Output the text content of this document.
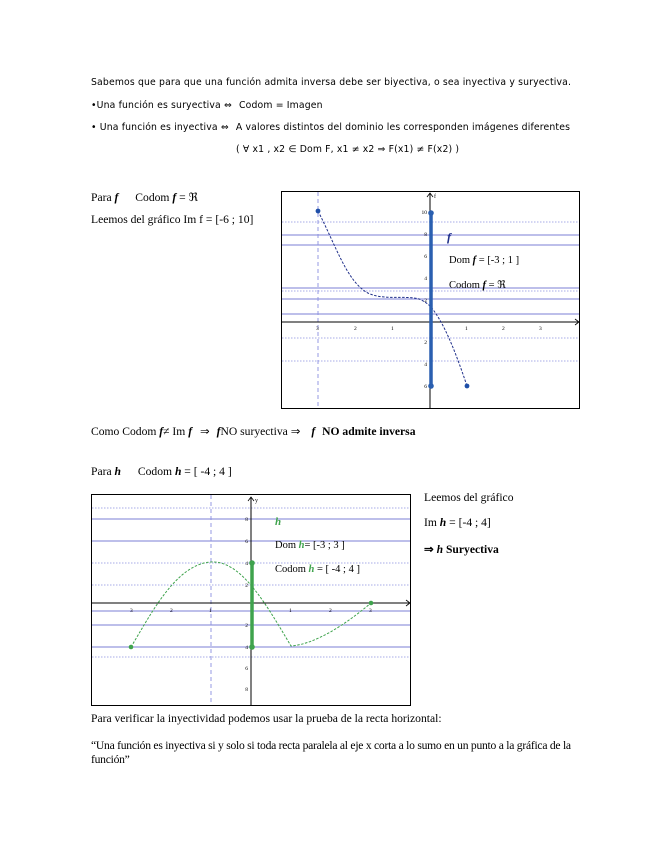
Sabemos que para que una función admita inversa debe ser biyectiva, o sea inyectiva y suryectiva.
•Una función es suryectiva ⇔ Codom = Imagen
• Una función es inyectiva ⇔ A valores distintos del dominio les corresponden imágenes diferentes
( ∀ x1 , x2 ∈ Dom F, x1 ≠ x2 ⇒ F(x1) ≠ F(x2) )
Para f Codom f = ℜ
Leemos del gráfico Im f = [-6 ; 10]
f
3	2	1	1	2	3
10
8
6
4
2
2
4
6
f
Dom f = [-3 ; 1 ]
Codom f = ℜ
Como Codom f≠ Im f ⇒ fNO suryectiva ⇒ f NO admite inversa
Para h Codom h = [ -4 ; 4 ]
y
3	2	1	1	2	3
8
6
4
2
2
4
6
8
h
Dom h= [-3 ; 3 ]
Codom h = [ -4 ; 4 ]
Leemos del gráfico
Im h = [-4 ; 4]
⇒ h Suryectiva
Para verificar la inyectividad podemos usar la prueba de la recta horizontal:
“Una función es inyectiva si y solo si toda recta paralela al eje x corta a lo sumo en un punto a la gráfica de la función”
